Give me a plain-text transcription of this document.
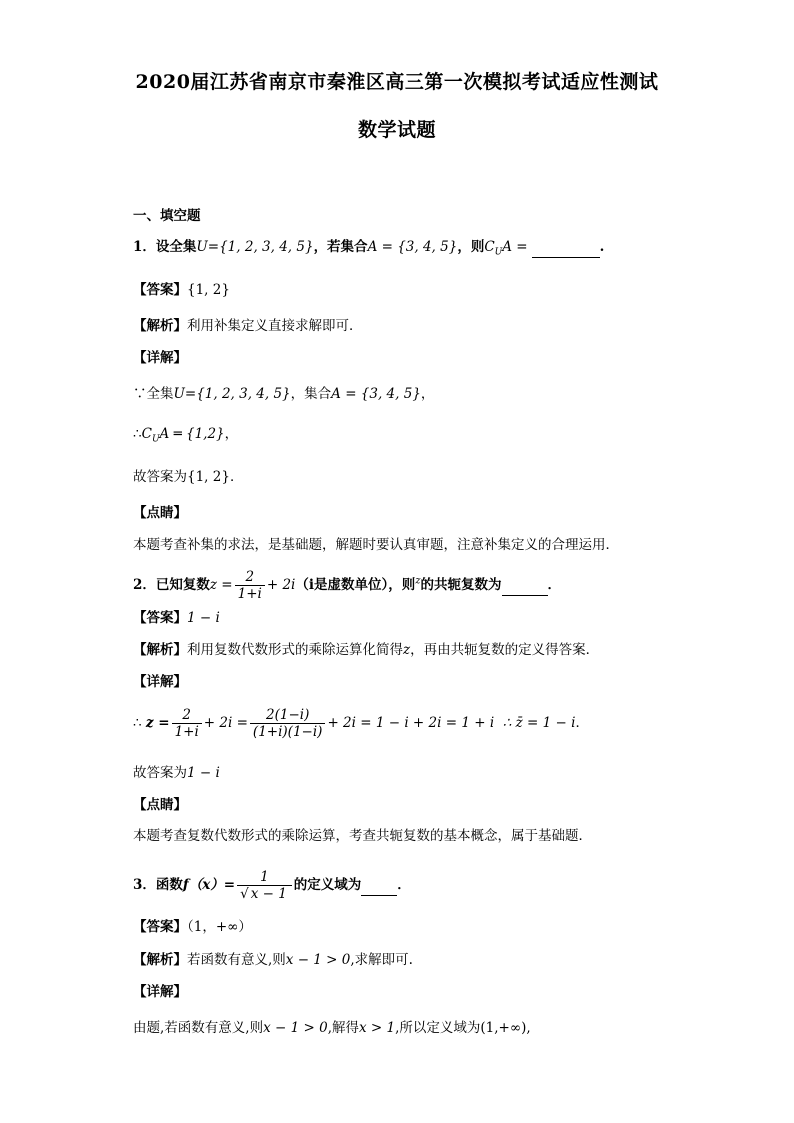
2020届江苏省南京市秦淮区高三第一次模拟考试适应性测试
数学试题
一、填空题
1．设全集U={1, 2, 3, 4, 5}，若集合A = {3, 4, 5}，则$C_UA$ =	.
【答案】{1, 2}
【解析】利用补集定义直接求解即可．
【详解】
∵全集U={1, 2, 3, 4, 5}，集合A = {3, 4, 5}，
$\therefore C_UA$ ═ {1,2}，
故答案为{1, 2}．
【点睛】
本题考查补集的求法，是基础题，解题时要认真审题，注意补集定义的合理运用．
2．已知复数$z = \frac{2}{1+i} + 2i(i$是虚数单位），则$^z$的共轭复数为	．
【答案】1 − i
【解析】利用复数代数形式的乘除运算化简得z，再由共轭复数的定义得答案．
【详解】
∴ $z = \frac{2}{1+i} + 2i = \frac{2(1-i)}{(1+i)(1-i)} + 2i = 1 - i + 2i = 1 + i$ ∴ z̄ = 1 − i．
故答案为1 − i
【点睛】
本题考查复数代数形式的乘除运算，考查共轭复数的基本概念，属于基础题．
3．函数$f(x)= \frac{1}{√ x - 1}$ 的定义域为	．
【答案】（1，+∞）
【解析】若函数有意义,则x − 1 > 0,求解即可.
【详解】
由题,若函数有意义,则x − 1 > 0,解得x > 1,所以定义域为(1,+∞),
